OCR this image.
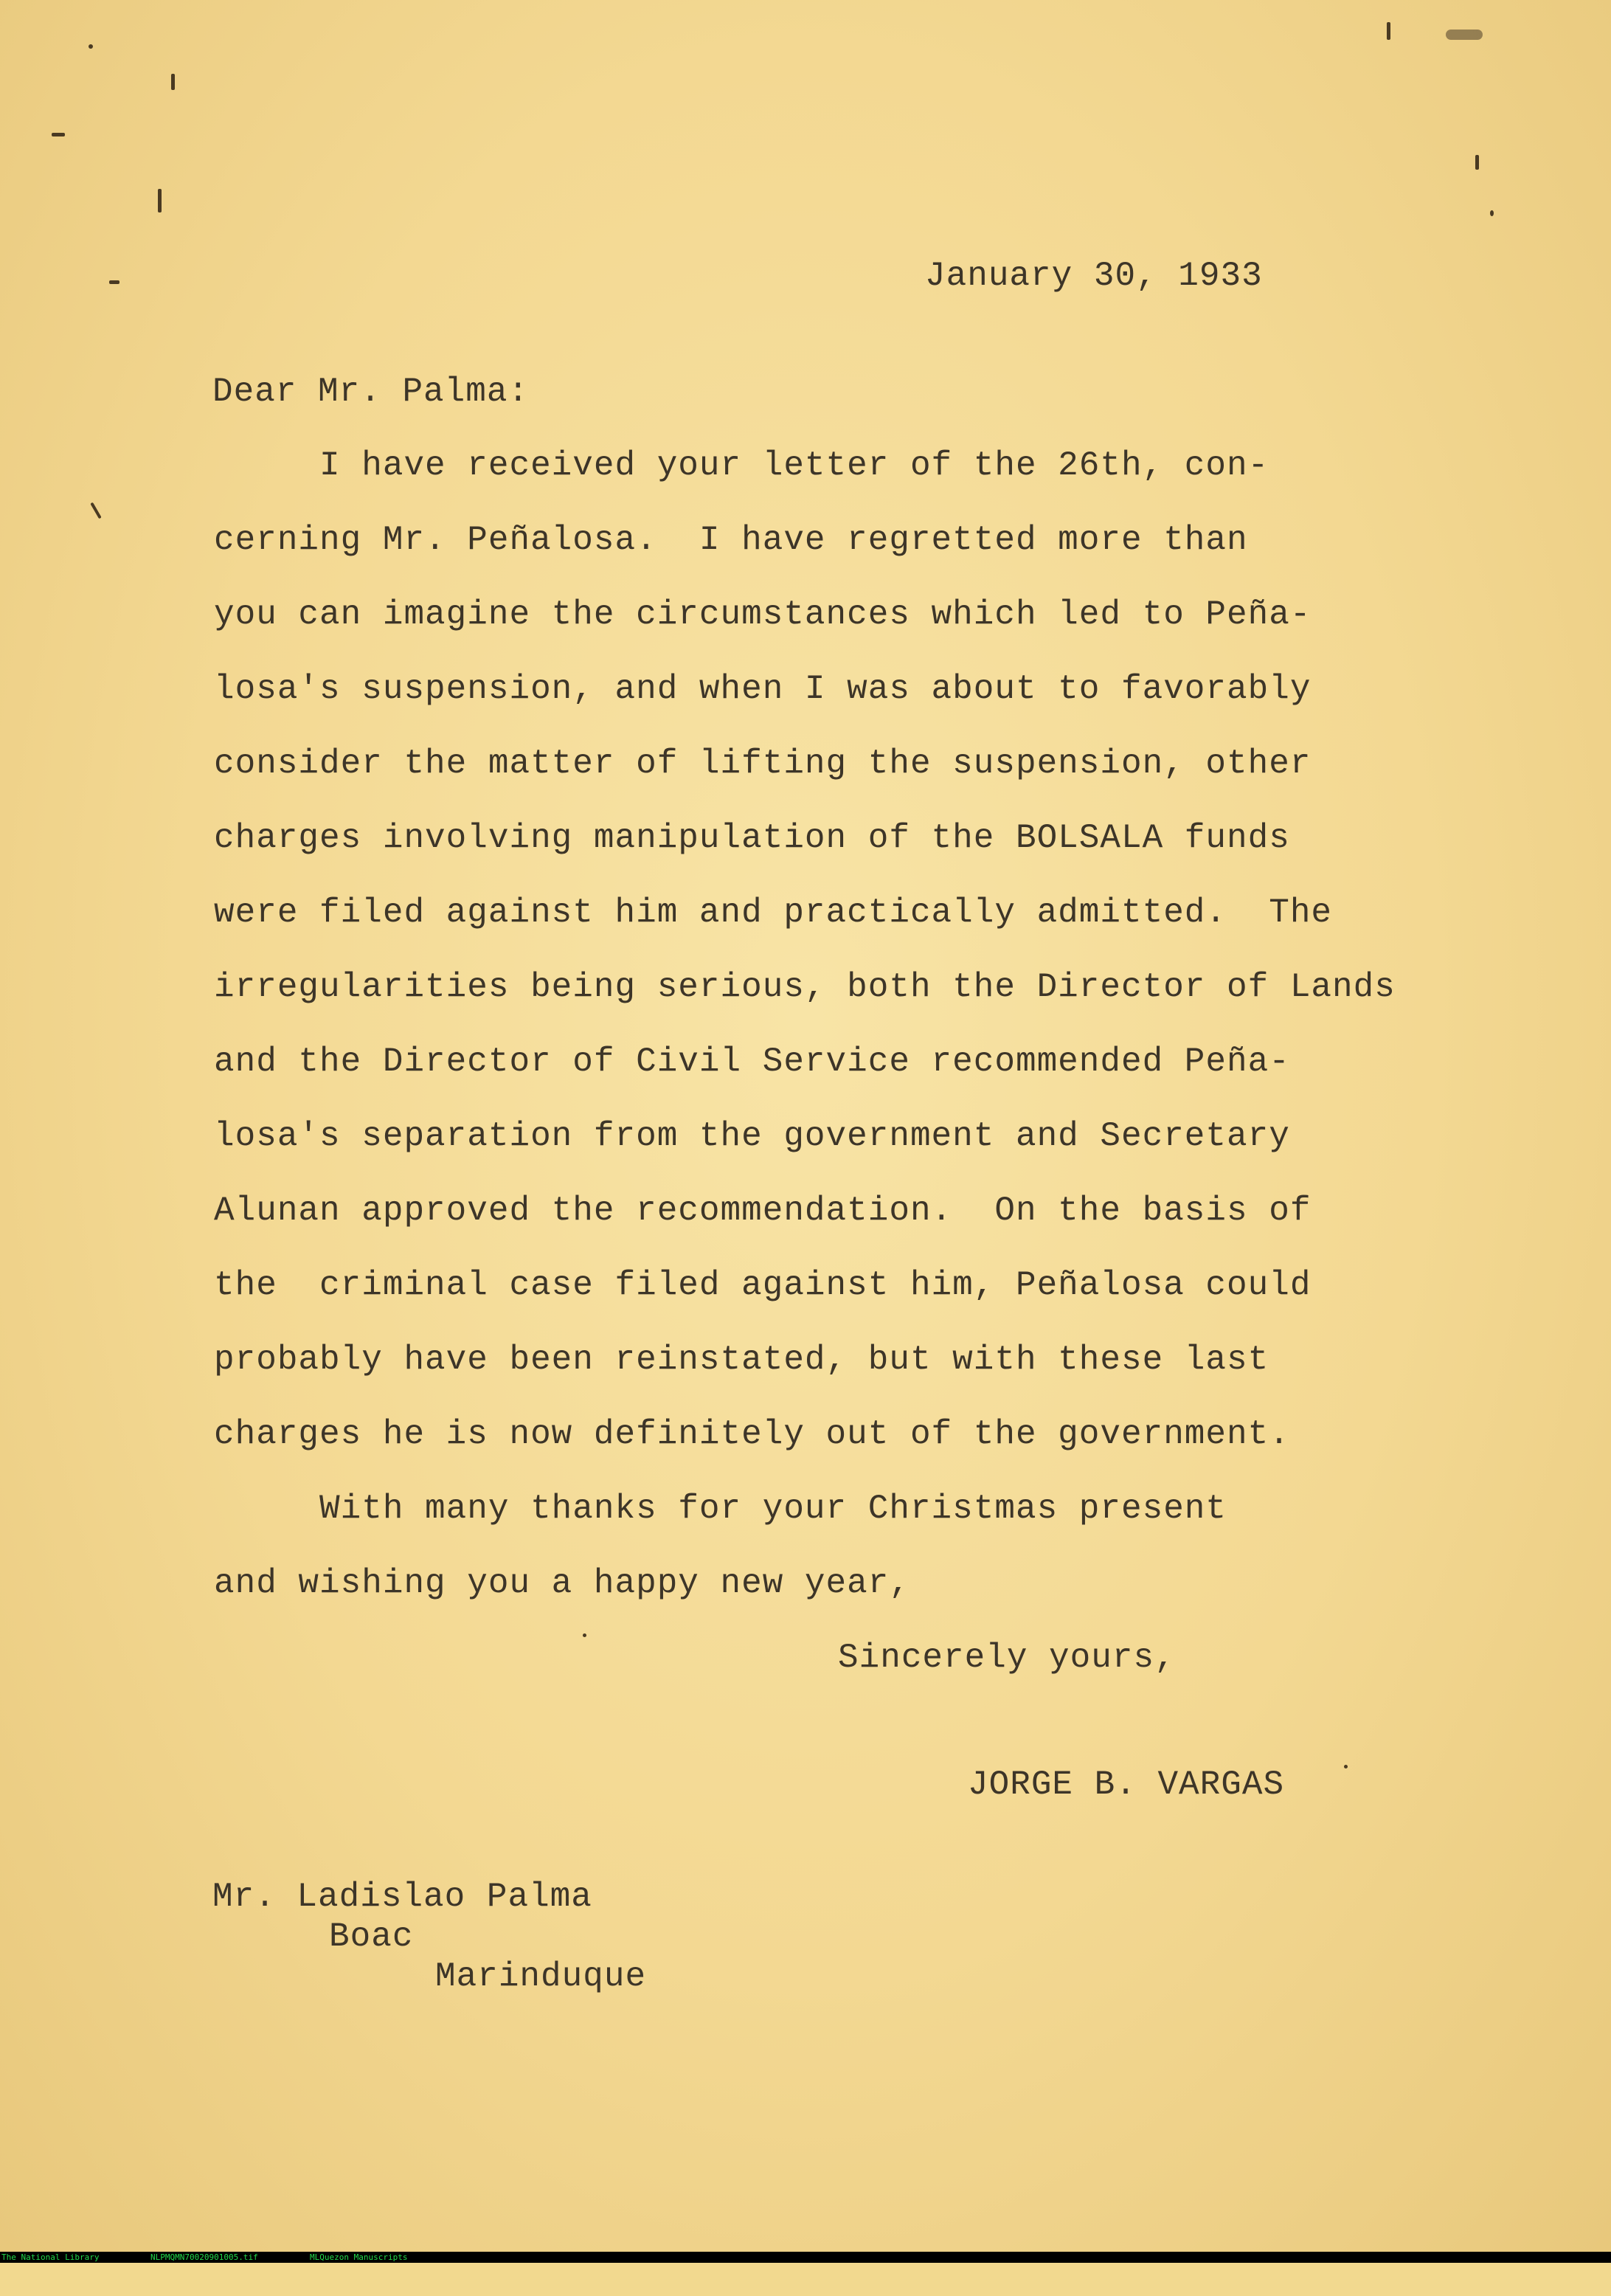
January 30, 1933
Dear Mr. Palma:
I have received your letter of the 26th, con-
cerning Mr. Peñalosa.  I have regretted more than
you can imagine the circumstances which led to Peña-
losa's suspension, and when I was about to favorably
consider the matter of lifting the suspension, other
charges involving manipulation of the BOLSALA funds
were filed against him and practically admitted.  The
irregularities being serious, both the Director of Lands
and the Director of Civil Service recommended Peña-
losa's separation from the government and Secretary
Alunan approved the recommendation.  On the basis of
the  criminal case filed against him, Peñalosa could
probably have been reinstated, but with these last
charges he is now definitely out of the government.
With many thanks for your Christmas present
and wishing you a happy new year,
Sincerely yours,
JORGE B. VARGAS
Mr. Ladislao Palma
Boac
Marinduque

The National Library

	NLPMQMN70020901005.tif

	MLQuezon Manuscripts
